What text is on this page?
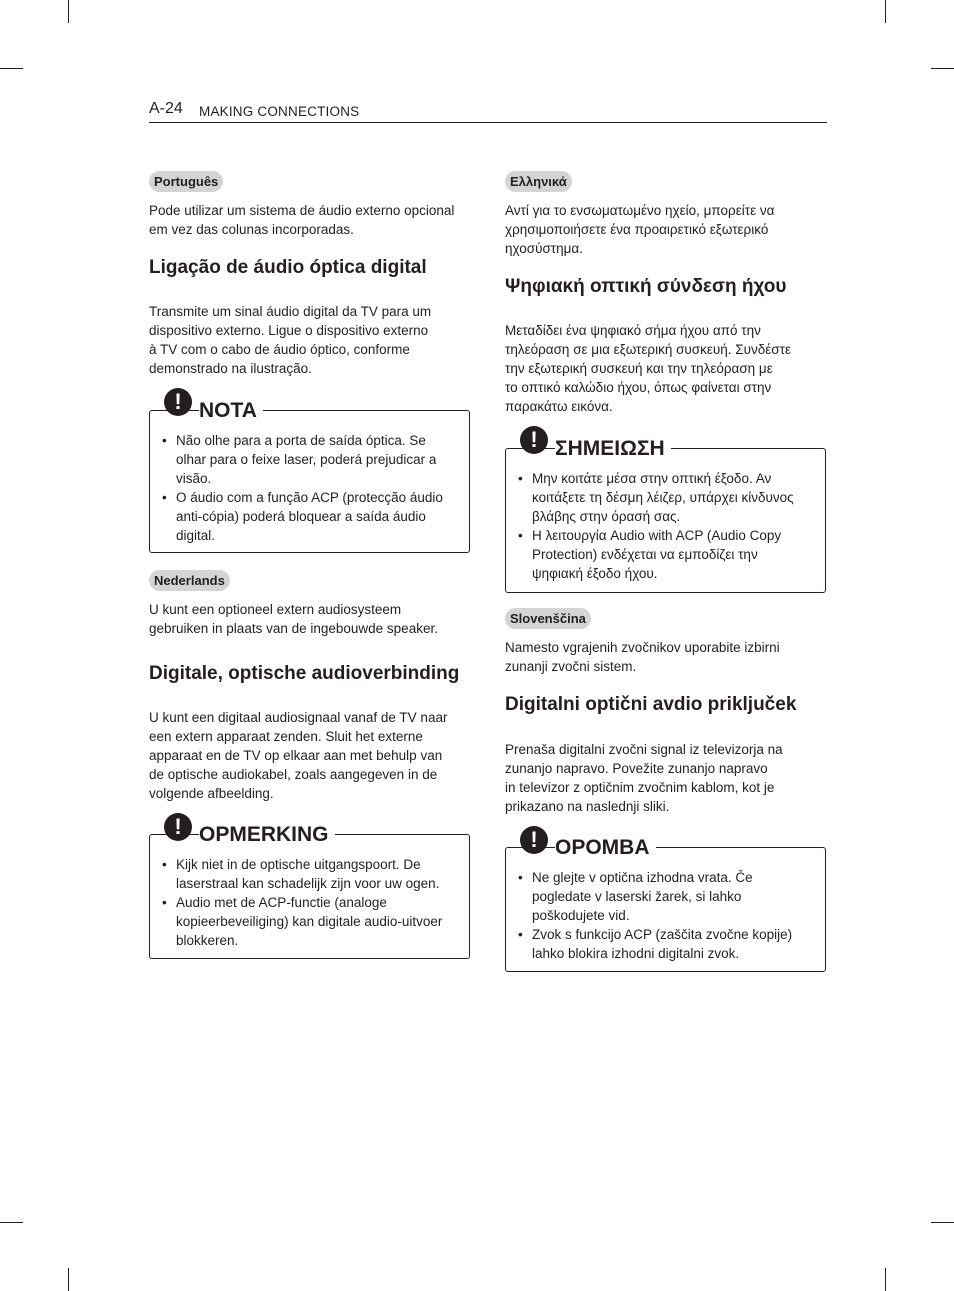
A-24 MAKING CONNECTIONS
Português

Pode utilizar um sistema de áudio externo opcional
em vez das colunas incorporadas.

Ligação de áudio óptica digital

Transmite um sinal áudio digital da TV para um
dispositivo externo. Ligue o dispositivo externo
à TV com o cabo de áudio óptico, conforme
demonstrado na ilustração.

! NOTA
• Não olhe para a porta de saída óptica. Se
olhar para o feixe laser, poderá prejudicar a
visão.
• O áudio com a função ACP (protecção áudio
anti-cópia) poderá bloquear a saída áudio
digital.
Nederlands

U kunt een optioneel extern audiosysteem
gebruiken in plaats van de ingebouwde speaker.

Digitale, optische audioverbinding

U kunt een digitaal audiosignaal vanaf de TV naar
een extern apparaat zenden. Sluit het externe
apparaat en de TV op elkaar aan met behulp van
de optische audiokabel, zoals aangegeven in de
volgende afbeelding.

! OPMERKING
• Kijk niet in de optische uitgangspoort. De
laserstraal kan schadelijk zijn voor uw ogen.
• Audio met de ACP-functie (analoge
kopieerbeveiliging) kan digitale audio-uitvoer
blokkeren.
Ελληνικά

Αντί για το ενσωματωμένο ηχείο, μπορείτε να
χρησιμοποιήσετε ένα προαιρετικό εξωτερικό
ηχοσύστημα.

Ψηφιακή οπτική σύνδεση ήχου

Μεταδίδει ένα ψηφιακό σήμα ήχου από την
τηλεόραση σε μια εξωτερική συσκευή. Συνδέστε
την εξωτερική συσκευή και την τηλεόραση με
το οπτικό καλώδιο ήχου, όπως φαίνεται στην
παρακάτω εικόνα.

! ΣΗΜΕΙΩΣΗ
• Μην κοιτάτε μέσα στην οπτική έξοδο. Αν
κοιτάξετε τη δέσμη λέιζερ, υπάρχει κίνδυνος
βλάβης στην όρασή σας.
• Η λειτουργία Audio with ACP (Audio Copy
Protection) ενδέχεται να εμποδίζει την
ψηφιακή έξοδο ήχου.
Slovenščina

Namesto vgrajenih zvočnikov uporabite izbirni
zunanji zvočni sistem.

Digitalni optični avdio priključek

Prenaša digitalni zvočni signal iz televizorja na
zunanjo napravo. Povežite zunanjo napravo
in televizor z optičnim zvočnim kablom, kot je
prikazano na naslednji sliki.

! OPOMBA
• Ne glejte v optična izhodna vrata. Če
pogledate v laserski žarek, si lahko
poškodujete vid.
• Zvok s funkcijo ACP (zaščita zvočne kopije)
lahko blokira izhodni digitalni zvok.
